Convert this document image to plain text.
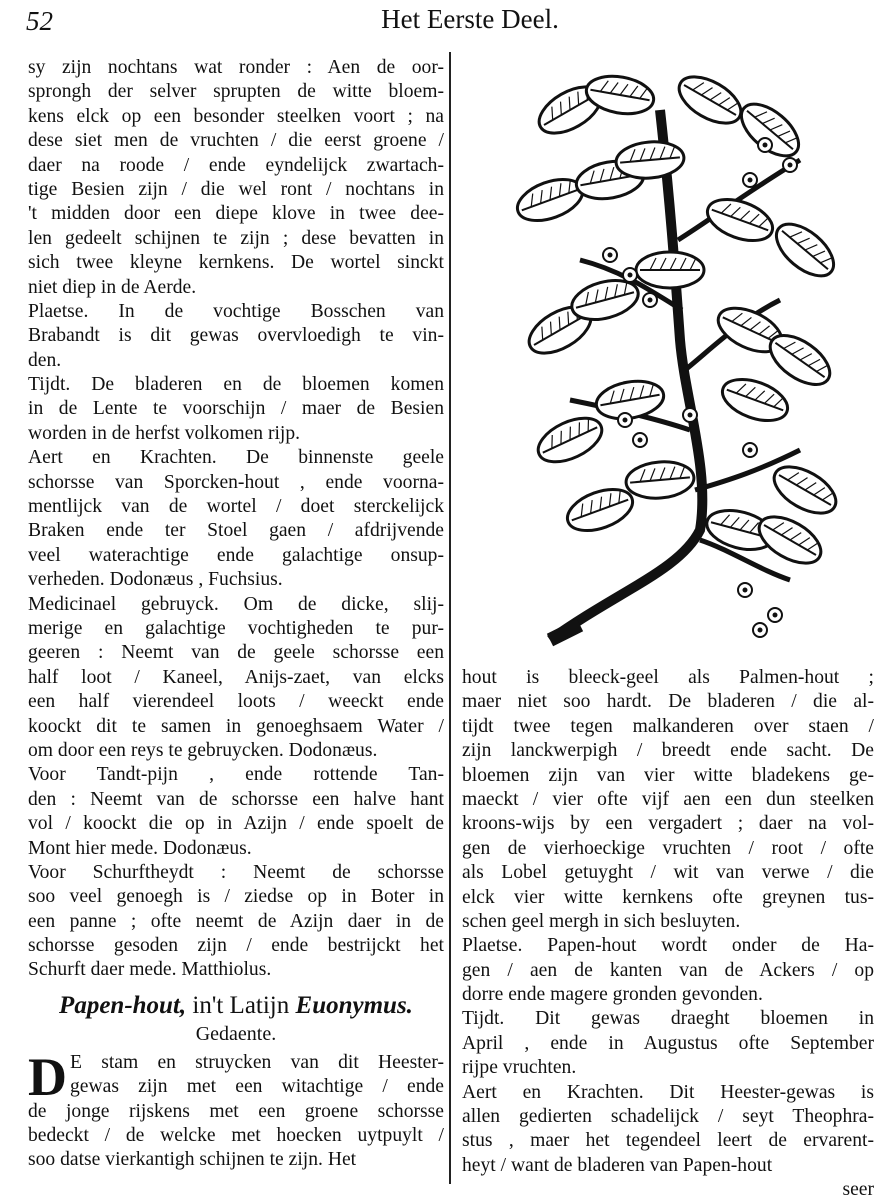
52	Het Eerste Deel.
sy zijn nochtans wat ronder : Aen de oor-
sprongh der selver sprupten de witte bloem-
kens elck op een besonder steelken voort ; na
dese siet men de vruchten / die eerst groene /
daer na roode / ende eyndelijck zwartach-
tige Besien zijn / die wel ront / nochtans in
't midden door een diepe klove in twee dee-
len gedeelt schijnen te zijn ; dese bevatten in
sich twee kleyne kernkens. De wortel sinckt
niet diep in de Aerde.
Plaetse. In de vochtige Bosschen van
Brabandt is dit gewas overvloedigh te vin-
den.
Tijdt. De bladeren en de bloemen komen
in de Lente te voorschijn / maer de Besien
worden in de herfst volkomen rijp.
Aert en Krachten. De binnenste geele
schorsse van Sporcken-hout , ende voorna-
mentlijck van de wortel / doet sterckelijck
Braken ende ter Stoel gaen / afdrijvende
veel waterachtige ende galachtige onsup-
verheden. Dodonæus , Fuchsius.
Medicinael gebruyck. Om de dicke, slij-
merige en galachtige vochtigheden te pur-
geeren : Neemt van de geele schorsse een
half loot / Kaneel, Anijs-zaet, van elcks
een half vierendeel loots / weeckt ende
koockt dit te samen in genoeghsaem Water /
om door een reys te gebruycken. Dodonæus.
Voor Tandt-pijn , ende rottende Tan-
den : Neemt van de schorsse een halve hant
vol / koockt die op in Azijn / ende spoelt de
Mont hier mede. Dodonæus.
Voor Schurftheydt : Neemt de schorsse
soo veel genoegh is / ziedse op in Boter in
een panne ; ofte neemt de Azijn daer in de
schorsse gesoden zijn / ende bestrijckt het
Schurft daer mede. Matthiolus.
Papen-hout, in't Latijn Euonymus.
Gedaente.
D E stam en struycken van dit Heester-
gewas zijn met een witachtige / ende
de jonge rijskens met een groene schorsse
bedeckt / de welcke met hoecken uytpuylt /
soo datse vierkantigh schijnen te zijn. Het
hout is bleeck-geel als Palmen-hout ;
maer niet soo hardt. De bladeren / die al-
tijdt twee tegen malkanderen over staen /
zijn lanckwerpigh / breedt ende sacht. De
bloemen zijn van vier witte bladekens ge-
maeckt / vier ofte vijf aen een dun steelken
kroons-wijs by een vergadert ; daer na vol-
gen de vierhoeckige vruchten / root / ofte
als Lobel getuyght / wit van verwe / die
elck vier witte kernkens ofte greynen tus-
schen geel mergh in sich besluyten.
Plaetse. Papen-hout wordt onder de Ha-
gen / aen de kanten van de Ackers / op
dorre ende magere gronden gevonden.
Tijdt. Dit gewas draeght bloemen in
April , ende in Augustus ofte September
rijpe vruchten.
Aert en Krachten. Dit Heester-gewas is
allen gedierten schadelijck / seyt Theophra-
stus , maer het tegendeel leert de ervarent-
heyt / want de bladeren van Papen-hout
seer
